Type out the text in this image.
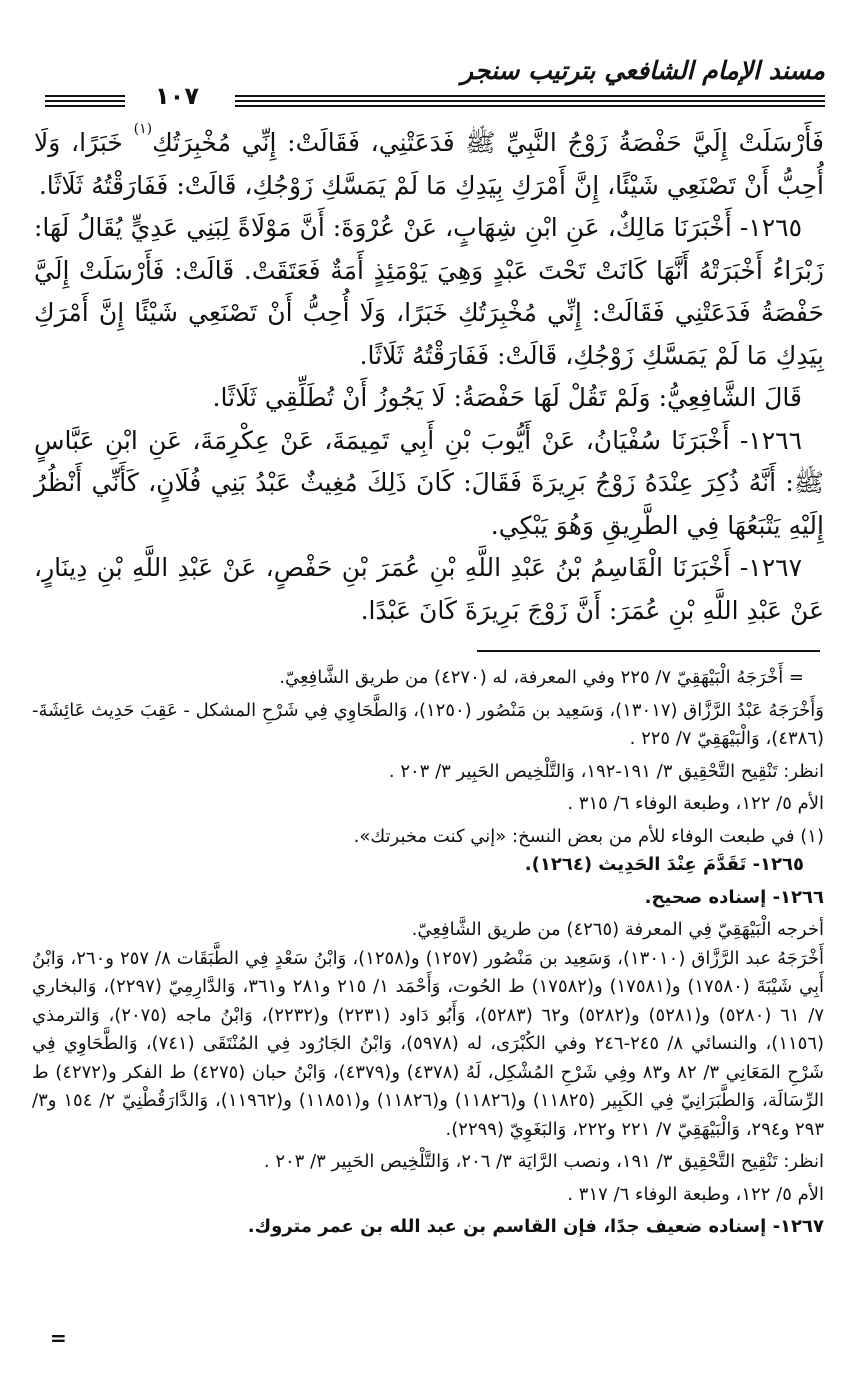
مسند الإمام الشافعي بترتيب سنجر
١٠٧

فَأَرْسَلَتْ إِلَيَّ حَفْصَةُ زَوْجُ النَّبِيِّ ﷺ فَدَعَتْنِي، فَقَالَتْ: إِنِّي مُخْبِرَتُكِ$^{(١)}$ خَبَرًا، وَلَا أُحِبُّ أَنْ تَصْنَعِي شَيْئًا، إِنَّ أَمْرَكِ بِيَدِكِ مَا لَمْ يَمَسَّكِ زَوْجُكِ، قَالَتْ: فَفَارَقْتُهُ ثَلَاثًا.

١٢٦٥- أَخْبَرَنَا مَالِكٌ، عَنِ ابْنِ شِهَابٍ، عَنْ عُرْوَةَ: أَنَّ مَوْلَاةً لِبَنِي عَدِيٍّ يُقَالُ لَهَا: زَبْرَاءُ أَخْبَرَتْهُ أَنَّهَا كَانَتْ تَحْتَ عَبْدٍ وَهِيَ يَوْمَئِذٍ أَمَةٌ فَعَتَقَتْ. قَالَتْ: فَأَرْسَلَتْ إِلَيَّ حَفْصَةُ فَدَعَتْنِي فَقَالَتْ: إِنِّي مُخْبِرَتُكِ خَبَرًا، وَلَا أُحِبُّ أَنْ تَصْنَعِي شَيْئًا إِنَّ أَمْرَكِ بِيَدِكِ مَا لَمْ يَمَسَّكِ زَوْجُكِ، قَالَتْ: فَفَارَقْتُهُ ثَلَاثًا.

قَالَ الشَّافِعِيُّ: وَلَمْ تَقُلْ لَهَا حَفْصَةُ: لَا يَجُوزُ أَنْ تُطَلِّقِي ثَلَاثًا.

١٢٦٦- أَخْبَرَنَا سُفْيَانُ، عَنْ أَيُّوبَ بْنِ أَبِي تَمِيمَةَ، عَنْ عِكْرِمَةَ، عَنِ ابْنِ عَبَّاسٍ ﷺ: أَنَّهُ ذُكِرَ عِنْدَهُ زَوْجُ بَرِيرَةَ فَقَالَ: كَانَ ذَلِكَ مُغِيثٌ عَبْدُ بَنِي فُلَانٍ، كَأَنِّي أَنْظُرُ إِلَيْهِ يَتْبَعُهَا فِي الطَّرِيقِ وَهُوَ يَبْكِي.

١٢٦٧- أَخْبَرَنَا الْقَاسِمُ بْنُ عَبْدِ اللَّهِ بْنِ عُمَرَ بْنِ حَفْصٍ، عَنْ عَبْدِ اللَّهِ بْنِ دِينَارٍ، عَنْ عَبْدِ اللَّهِ بْنِ عُمَرَ: أَنَّ زَوْجَ بَرِيرَةَ كَانَ عَبْدًا.

= أَخْرَجَهُ الْبَيْهَقِيّ ٧/ ٢٢٥ وفي المعرفة، له (٤٢٧٠) من طريق الشَّافِعِيّ.

وَأَخْرَجَهُ عَبْدُ الرَّزَّاق (١٣٠١٧)، وَسَعِيد بن مَنْصُور (١٢٥٠)، وَالطَّحَاوِي فِي شَرْحِ المشكل - عَقِبَ حَدِيث عَائِشَةَ- (٤٣٨٦)، وَالْبَيْهَقِيّ ٧/ ٢٢٥ .

انظر: تَنْقِيح التَّحْقِيق ٣/ ١٩١-١٩٢، وَالتَّلْخِيص الحَبِير ٣/ ٢٠٣ .

الأم ٥/ ١٢٢، وطبعة الوفاء ٦/ ٣١٥ .

(١) في طبعت الوفاء للأم من بعض النسخ: «إني كنت مخبرتك».

١٢٦٥- تَقَدَّمَ عِنْدَ الحَدِيث (١٢٦٤).

١٢٦٦- إسناده صحيح.

أخرجه الْبَيْهَقِيّ فِي المعرفة (٤٢٦٥) من طريق الشَّافِعِيّ.

أَخْرَجَهُ عبد الرَّزَّاق (١٣٠١٠)، وَسَعِيد بن مَنْصُور (١٢٥٧) و(١٢٥٨)، وَابْنُ سَعْدٍ فِي الطَّبَقَات ٨/ ٢٥٧ و٢٦٠، وَابْنُ أَبِي شَيْبَةَ (١٧٥٨٠) و(١٧٥٨١) و(١٧٥٨٢) ط الحُوت، وَأَحْمَد ١/ ٢١٥ و٢٨١ و٣٦١، وَالدَّارِمِيّ (٢٢٩٧)، وَالبخاري ٧/ ٦١ (٥٢٨٠) و(٥٢٨١) و(٥٢٨٢) و٦٢ (٥٢٨٣)، وَأَبُو دَاود (٢٢٣١) و(٢٢٣٢)، وَابْنُ ماجه (٢٠٧٥)، وَالترمذي (١١٥٦)، والنسائي ٨/ ٢٤٥-٢٤٦ وفي الكُبْرَى، له (٥٩٧٨)، وَابْنُ الجَارُود فِي المُنْتَقَى (٧٤١)، وَالطَّحَاوِي فِي شَرْحِ المَعَانِي ٣/ ٨٢ و٨٣ وفِي شَرْحِ المُشْكِل، لَهُ (٤٣٧٨) و(٤٣٧٩)، وَابْنُ حبان (٤٢٧٥) ط الفكر و(٤٢٧٢) ط الرِّسَالَة، وَالطَّبَرَانِيّ فِي الكَبِير (١١٨٢٥) و(١١٨٢٦) و(١١٨٢٦) و(١١٨٥١) و(١١٩٦٢)، وَالدَّارَقُطْنِيّ ٢/ ١٥٤ و٣/ ٢٩٣ و٢٩٤، وَالْبَيْهَقِيّ ٧/ ٢٢١ و٢٢٢، وَالبَغَوِيّ (٢٢٩٩).

انظر: تَنْقِيح التَّحْقِيق ٣/ ١٩١، ونصب الرَّايَة ٣/ ٢٠٦، وَالتَّلْخِيص الحَبِير ٣/ ٢٠٣ .

الأم ٥/ ١٢٢، وطبعة الوفاء ٦/ ٣١٧ .

١٢٦٧- إسناده ضعيف جدًا، فإن القاسم بن عبد الله بن عمر متروك.

=
